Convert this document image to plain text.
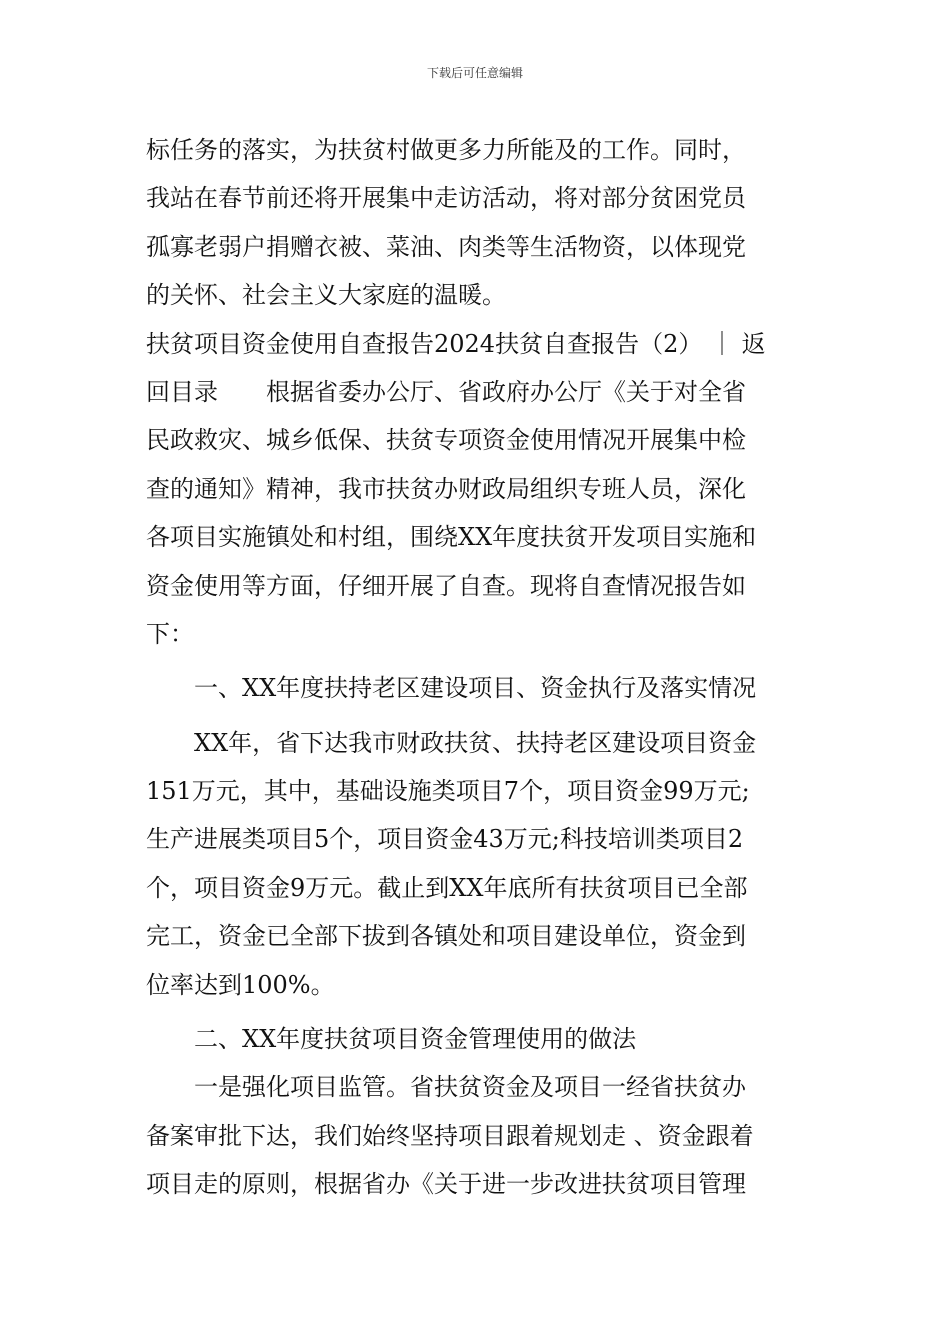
下载后可任意编辑
标任务的落实，为扶贫村做更多力所能及的工作。同时，
我站在春节前还将开展集中走访活动，将对部分贫困党员
孤寡老弱户捐赠衣被、菜油、肉类等生活物资，以体现党
的关怀、社会主义大家庭的温暖。
扶贫项目资金使用自查报告2024扶贫自查报告（2） ｜ 返
回目录　　根据省委办公厅、省政府办公厅《关于对全省
民政救灾、城乡低保、扶贫专项资金使用情况开展集中检
查的通知》精神，我市扶贫办财政局组织专班人员，深化
各项目实施镇处和村组，围绕XX年度扶贫开发项目实施和
资金使用等方面，仔细开展了自查。现将自查情况报告如
下：
一、XX年度扶持老区建设项目、资金执行及落实情况
XX年，省下达我市财政扶贫、扶持老区建设项目资金
151万元，其中，基础设施类项目7个，项目资金99万元;
生产进展类项目5个，项目资金43万元;科技培训类项目2
个，项目资金9万元。截止到XX年底所有扶贫项目已全部
完工，资金已全部下拔到各镇处和项目建设单位，资金到
位率达到100%。
二、XX年度扶贫项目资金管理使用的做法
一是强化项目监管。省扶贫资金及项目一经省扶贫办
备案审批下达，我们始终坚持项目跟着规划走 、资金跟着
项目走的原则，根据省办《关于进一步改进扶贫项目管理
